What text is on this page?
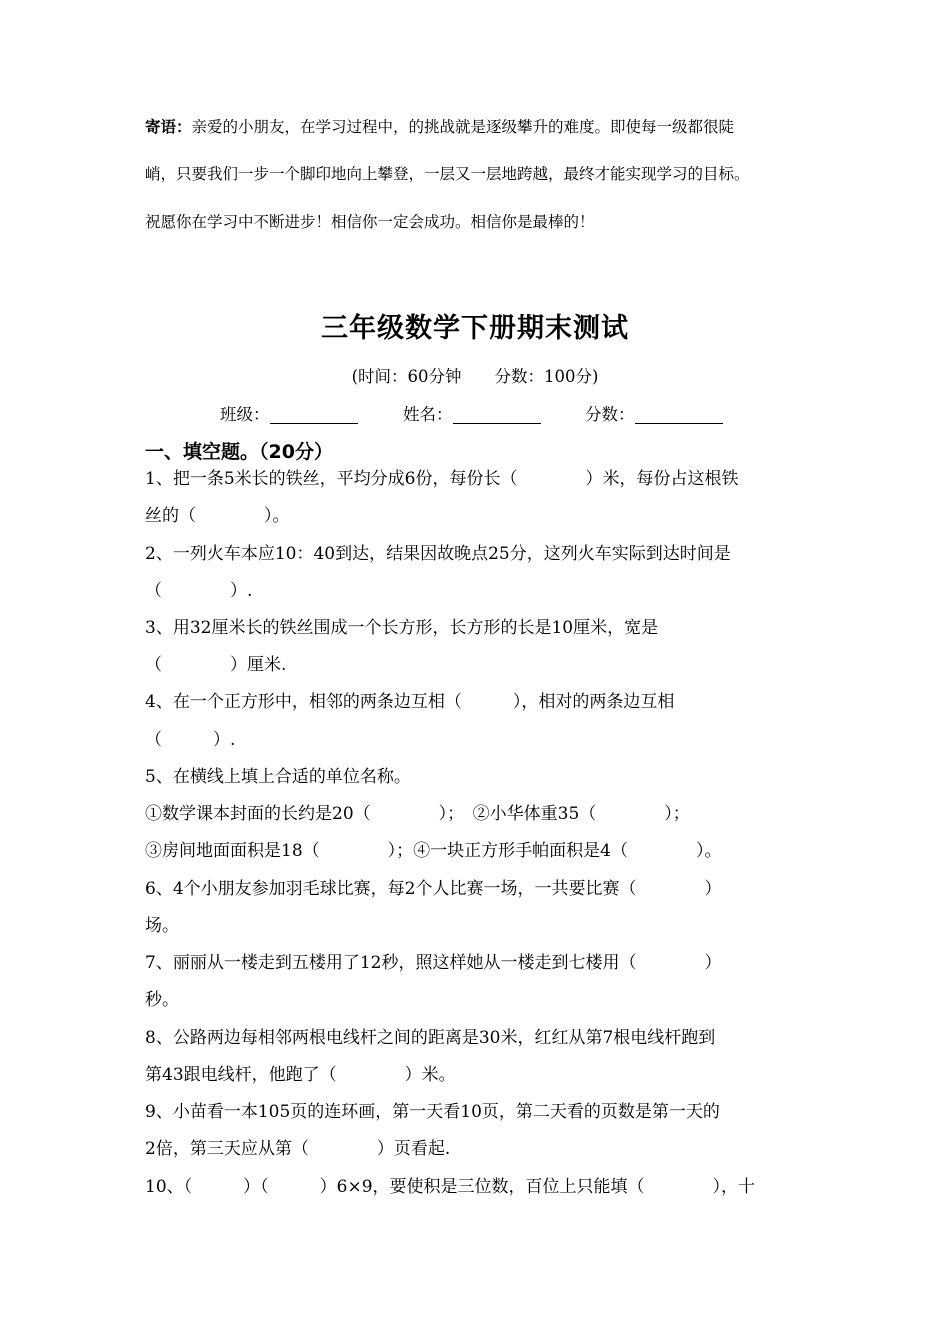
寄语：亲爱的小朋友，在学习过程中，的挑战就是逐级攀升的难度。即使每一级都很陡
峭，只要我们一步一个脚印地向上攀登，一层又一层地跨越，最终才能实现学习的目标。
祝愿你在学习中不断进步！相信你一定会成功。相信你是最棒的！
三年级数学下册期末测试
(时间：60分钟　　分数：100分)
班级：	姓名：	分数：
一、填空题。（20分）
1、把一条5米长的铁丝，平均分成6份，每份长（　　　　）米，每份占这根铁
丝的（　　　　）。
2、一列火车本应10：40到达，结果因故晚点25分，这列火车实际到达时间是
（　　　　）.
3、用32厘米长的铁丝围成一个长方形，长方形的长是10厘米，宽是
（　　　　）厘米.
4、在一个正方形中，相邻的两条边互相（　　　），相对的两条边互相
（　　　）.
5、在横线上填上合适的单位名称。
①数学课本封面的长约是20（　　　　）；　②小华体重35（　　　　）；
③房间地面面积是18（　　　　）；④一块正方形手帕面积是4（　　　　）。
6、4个小朋友参加羽毛球比赛，每2个人比赛一场，一共要比赛（　　　　）
场。
7、丽丽从一楼走到五楼用了12秒，照这样她从一楼走到七楼用（　　　　）
秒。
8、公路两边每相邻两根电线杆之间的距离是30米，红红从第7根电线杆跑到
第43跟电线杆，他跑了（　　　　）米。
9、小苗看一本105页的连环画，第一天看10页，第二天看的页数是第一天的
2倍，第三天应从第（　　　　）页看起.
10、（　　　）（　　　）6×9，要使积是三位数，百位上只能填（　　　　），十
